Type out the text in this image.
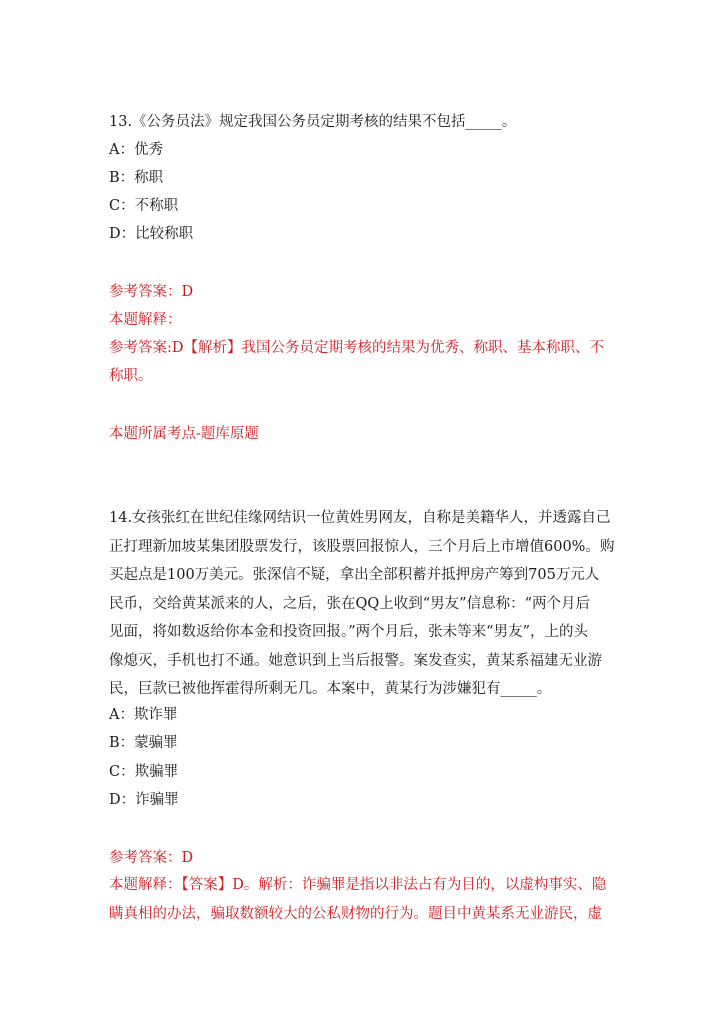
13.《公务员法》规定我国公务员定期考核的结果不包括_____。
A：优秀
B：称职
C：不称职
D：比较称职
参考答案：D
本题解释：
参考答案:D【解析】我国公务员定期考核的结果为优秀、称职、基本称职、不
称职。
本题所属考点-题库原题
14.女孩张红在世纪佳缘网结识一位黄姓男网友，自称是美籍华人，并透露自己
正打理新加坡某集团股票发行，该股票回报惊人，三个月后上市增值600%。购
买起点是100万美元。张深信不疑，拿出全部积蓄并抵押房产筹到705万元人
民币，交给黄某派来的人，之后，张在QQ上收到“男友”信息称：“两个月后
见面，将如数返给你本金和投资回报。”两个月后，张未等来“男友”，上的头
像熄灭，手机也打不通。她意识到上当后报警。案发查实，黄某系福建无业游
民，巨款已被他挥霍得所剩无几。本案中，黄某行为涉嫌犯有_____。
A：欺诈罪
B：蒙骗罪
C：欺骗罪
D：诈骗罪
参考答案：D
本题解释：【答案】D。解析：诈骗罪是指以非法占有为目的，以虚构事实、隐
瞒真相的办法，骗取数额较大的公私财物的行为。题目中黄某系无业游民，虚
